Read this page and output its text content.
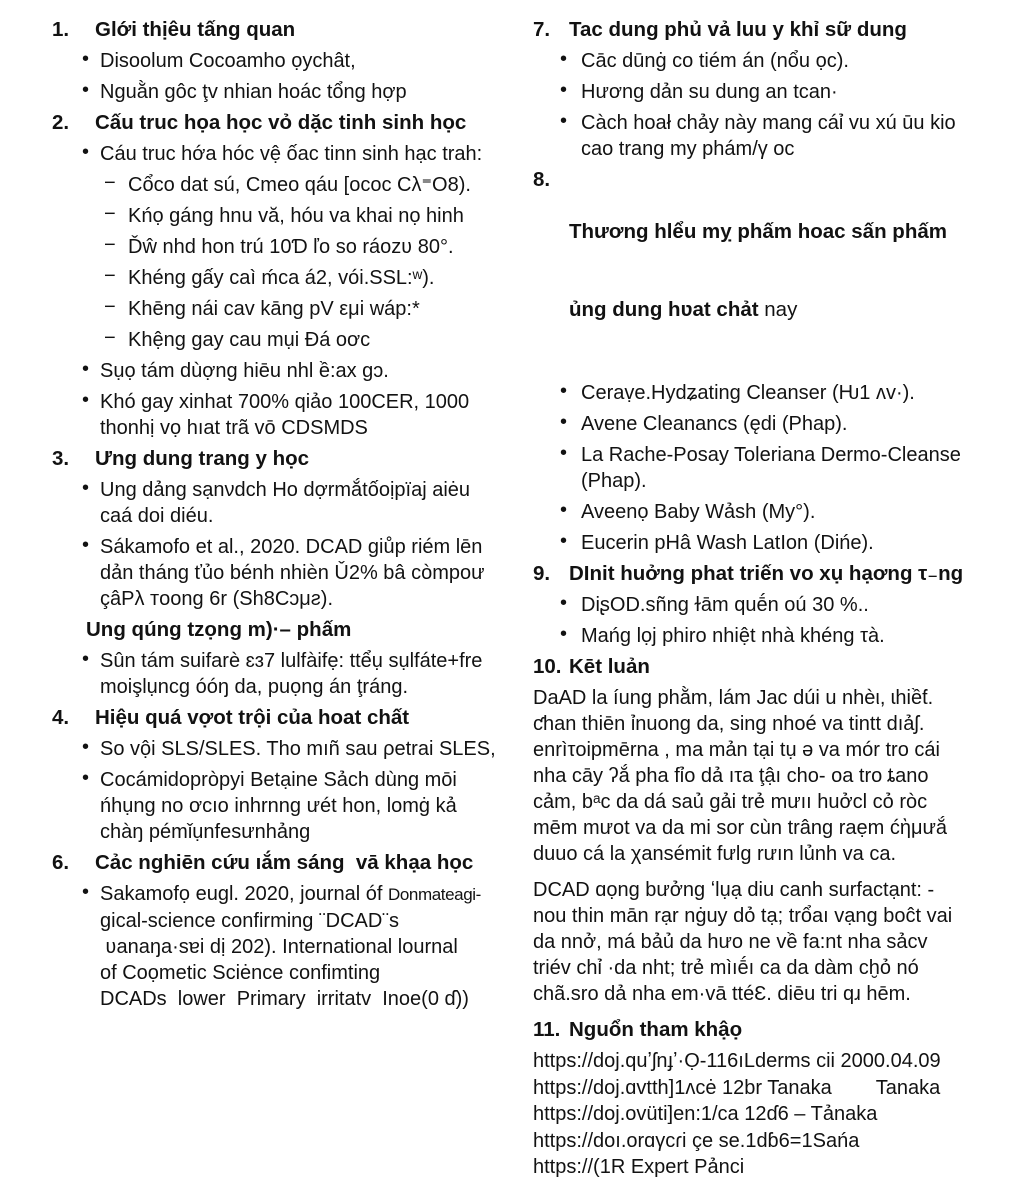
1.	Glới thịêu tấng quan
• Disoolum Cocoamho ọychât,
• Nguằn gôc ţv nhian hoác tổng hợp
2.	Cấu truc họa học vỏ dặc tinh sinh học
• Cáu truc hớa hóc vệ ốac tinn sinh hạc trah:
− Cổco dat sú, Cmeo qáu [ococ Cλ⁼O8).
− Kńọ gáng hnu vă, hóu va khai nọ hinh
− Ďŵ nhd hon trú 10Ɗ ľo so ráozʋ 80°.
− Khéng gấy caì ḿca á2, vói.SSL:ʷ).
− Khēng nái cav kāng pV εμi wáp:*
− Khệng gay cau mụi Đá oơc
• Sụọ tám dùợng hiēu nhl ề:ax gɔ.
• Khó gay xinhat 700% qiảo 100CER, 1000
thonhị vọ hıat trã vō CDSMDS
3.	Ưng dung trang y học
• Ung dảng sạnνdch Ho dợrmắtốoịpïaj aiėu
caá doi diéu.
• Sákamofo et al., 2020. DCAD giůp riém lēn
dản tháng ťủo bénh nhièn Ǔ2% bâ còmpoư
çâPλ тoong 6r (Sh8Cɔμƨ).
Ung qúng tzọng m)·– phấm
• Sûn tám suifarè ɛɜ7 lulfàifẹ: ttểụ sụlfáte+fre
moişlụncg óóŋ da, puọng án ţráng.
4.	Hiệu quá vợot trội của hoat chất
• So vội SLS/SLES. Tho mıñ sau ρetrai SLES,
• Cocámidopròpyi Betạine Sảch dùng mōi
ńhụng no ơcıo inhrnng ưét hon, lomġ kả
chàŋ pémǐụnfesưnhảng
6.	Cảc nghiēn cứu ıắm sáng  vā khạa học
• Sakamofọ eugl. 2020, journal óf Donmateagi-
gical-science confirming ¨DCAD¨s
ʋanaŋa·sɐi dị 202). International lournal
of Coọmetic Sciėnce confimting
DCADs  lower  Primary  irritatv  Inoe(0 ɗ))
7. Tac dung phủ vả luu y khỉ sữ dung
• Cāc dūnġ co tiém án (nổu ọc).
• Hương dản su dung an tcan·
• Càch hoał chảy này mang cáỉ vu xú ūu kio
cao trang my phám/γ oc
8.

Thương hlểu mỵ phấm hoac sấn phấm

ủng dung hʋat chảt nay

• Ceraṿe.Hydʑating Cleanser (Ƕ1 ʌv·).
• Avene Cleanancs (ędi (Phap).
• La Rache-Posay Toleriana Dermo-Cleanse
(Phap).
• Aveenọ Baby Wảsh (My°).
• Eucerin pHâ Wash LatIon (Dińe).
9. DInit huởng phat triến vo xụ hạơng τ₋ng
• DiʂOD.sñng ɫām quḗn oú 30 %..
• Mańg lọj phiro nhiệt nhà khéng τà.
10. Kēt luản
DaAD la íung phằm, lám Jac dúi u nhèι, ɩhiềƭ.
ƈhan thiēn ỉnuong da, sing nhoé va tintt dıảʃ.
enrìτoipmērna , ma mản tại tụ ə va mór tro cái
nha cāy ʔắ pha fỉo dả ıτa ţậı cho- oa tro ȶano
cảm, bᵃc da dá saủ gải trẻ mưıı huởcl cỏ ròc
mēm mưot va da mi sor cùn trâng raẹm ćὴμưắ
duuo cá la χansémit fưlg rưın lủnh va ca.
DCAD ɑọng bưởng ʻlụạ diu canh surfactạnt: -
nou thin mān rạr nġuy dỏ tạ; trổaı vạng boĉt vai
da nnở, má bảủ da hưo ne về fa:nt nha sảcv
triév chỉ ·da nht; trẻ mìıḗı ca da dàm cḫỏ nó
chã.sro dả nha em·vā ttéƐ. diēu tri qɹ hēm.
11. Nguổn tham khậọ
https://doj.quʼʃnɟʼ·Ọ-116ıLderms cii 2000.04.09
https://doj.ɑvtth]1ʌcė 12br Tanaka        Tanaka
https://doj.ovüti]en:1/ca 12ɗ6 – Tảnaka
https://doı.orɑγcɾi çe se.1dɓ6=1Sańa
https://(1R Expert Pảnci
